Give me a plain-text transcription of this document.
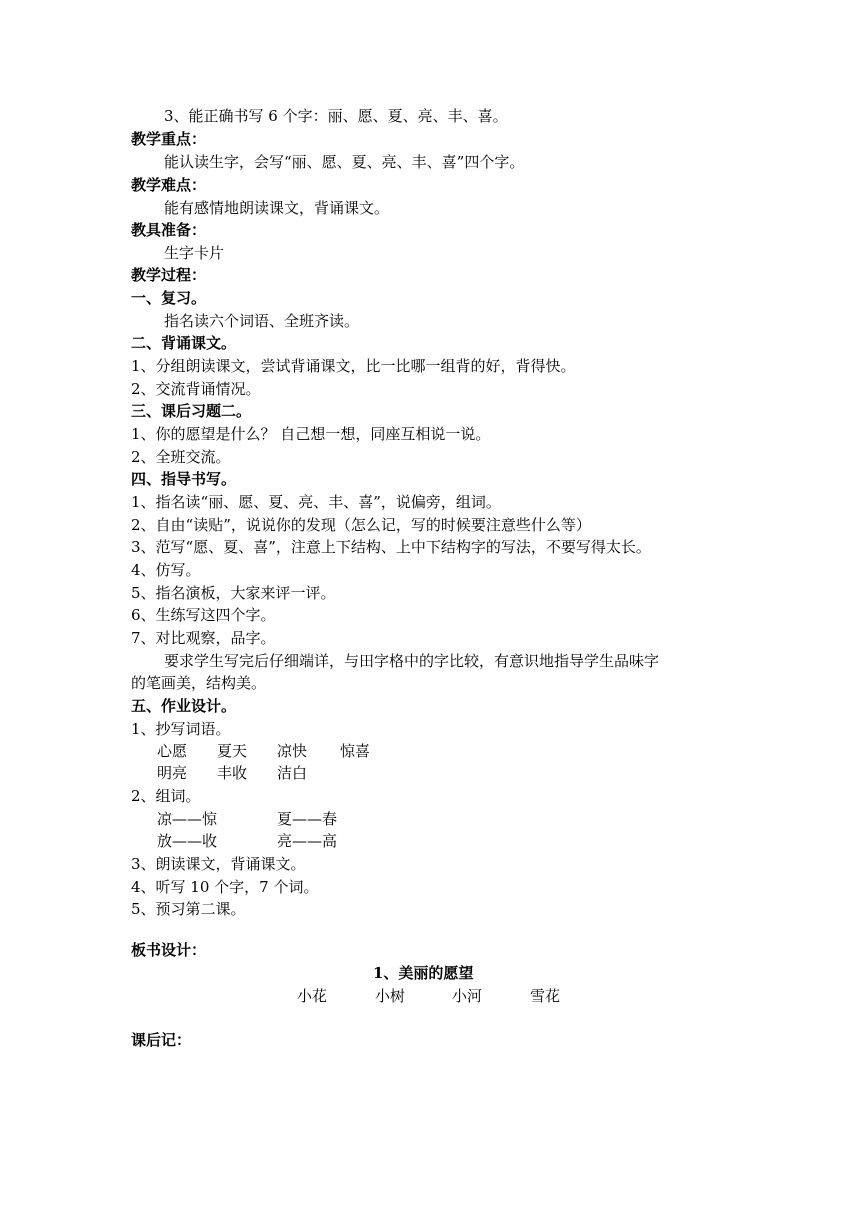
3、能正确书写 6 个字：丽、愿、夏、亮、丰、喜。
教学重点：
能认读生字，会写“丽、愿、夏、亮、丰、喜”四个字。
教学难点：
能有感情地朗读课文，背诵课文。
教具准备：
生字卡片
教学过程：
一、复习。
指名读六个词语、全班齐读。
二、背诵课文。
1、分组朗读课文，尝试背诵课文，比一比哪一组背的好，背得快。
2、交流背诵情况。
三、课后习题二。
1、你的愿望是什么？ 自己想一想，同座互相说一说。
2、全班交流。
四、指导书写。
1、指名读“丽、愿、夏、亮、丰、喜”，说偏旁，组词。
2、自由“读贴”，说说你的发现（怎么记，写的时候要注意些什么等）
3、范写“愿、夏、喜”，注意上下结构、上中下结构字的写法，不要写得太长。
4、仿写。
5、指名演板，大家来评一评。
6、生练写这四个字。
7、对比观察，品字。
要求学生写完后仔细端详，与田字格中的字比较，有意识地指导学生品味字
的笔画美，结构美。
五、作业设计。
1、抄写词语。
心愿 夏天 凉快 惊喜
明亮 丰收 洁白
2、组词。
凉——惊	夏——春
放——收	亮——高
3、朗读课文，背诵课文。
4、听写 10 个字，7 个词。
5、预习第二课。
板书设计：
1、美丽的愿望
小花	小树	小河	雪花
课后记：
